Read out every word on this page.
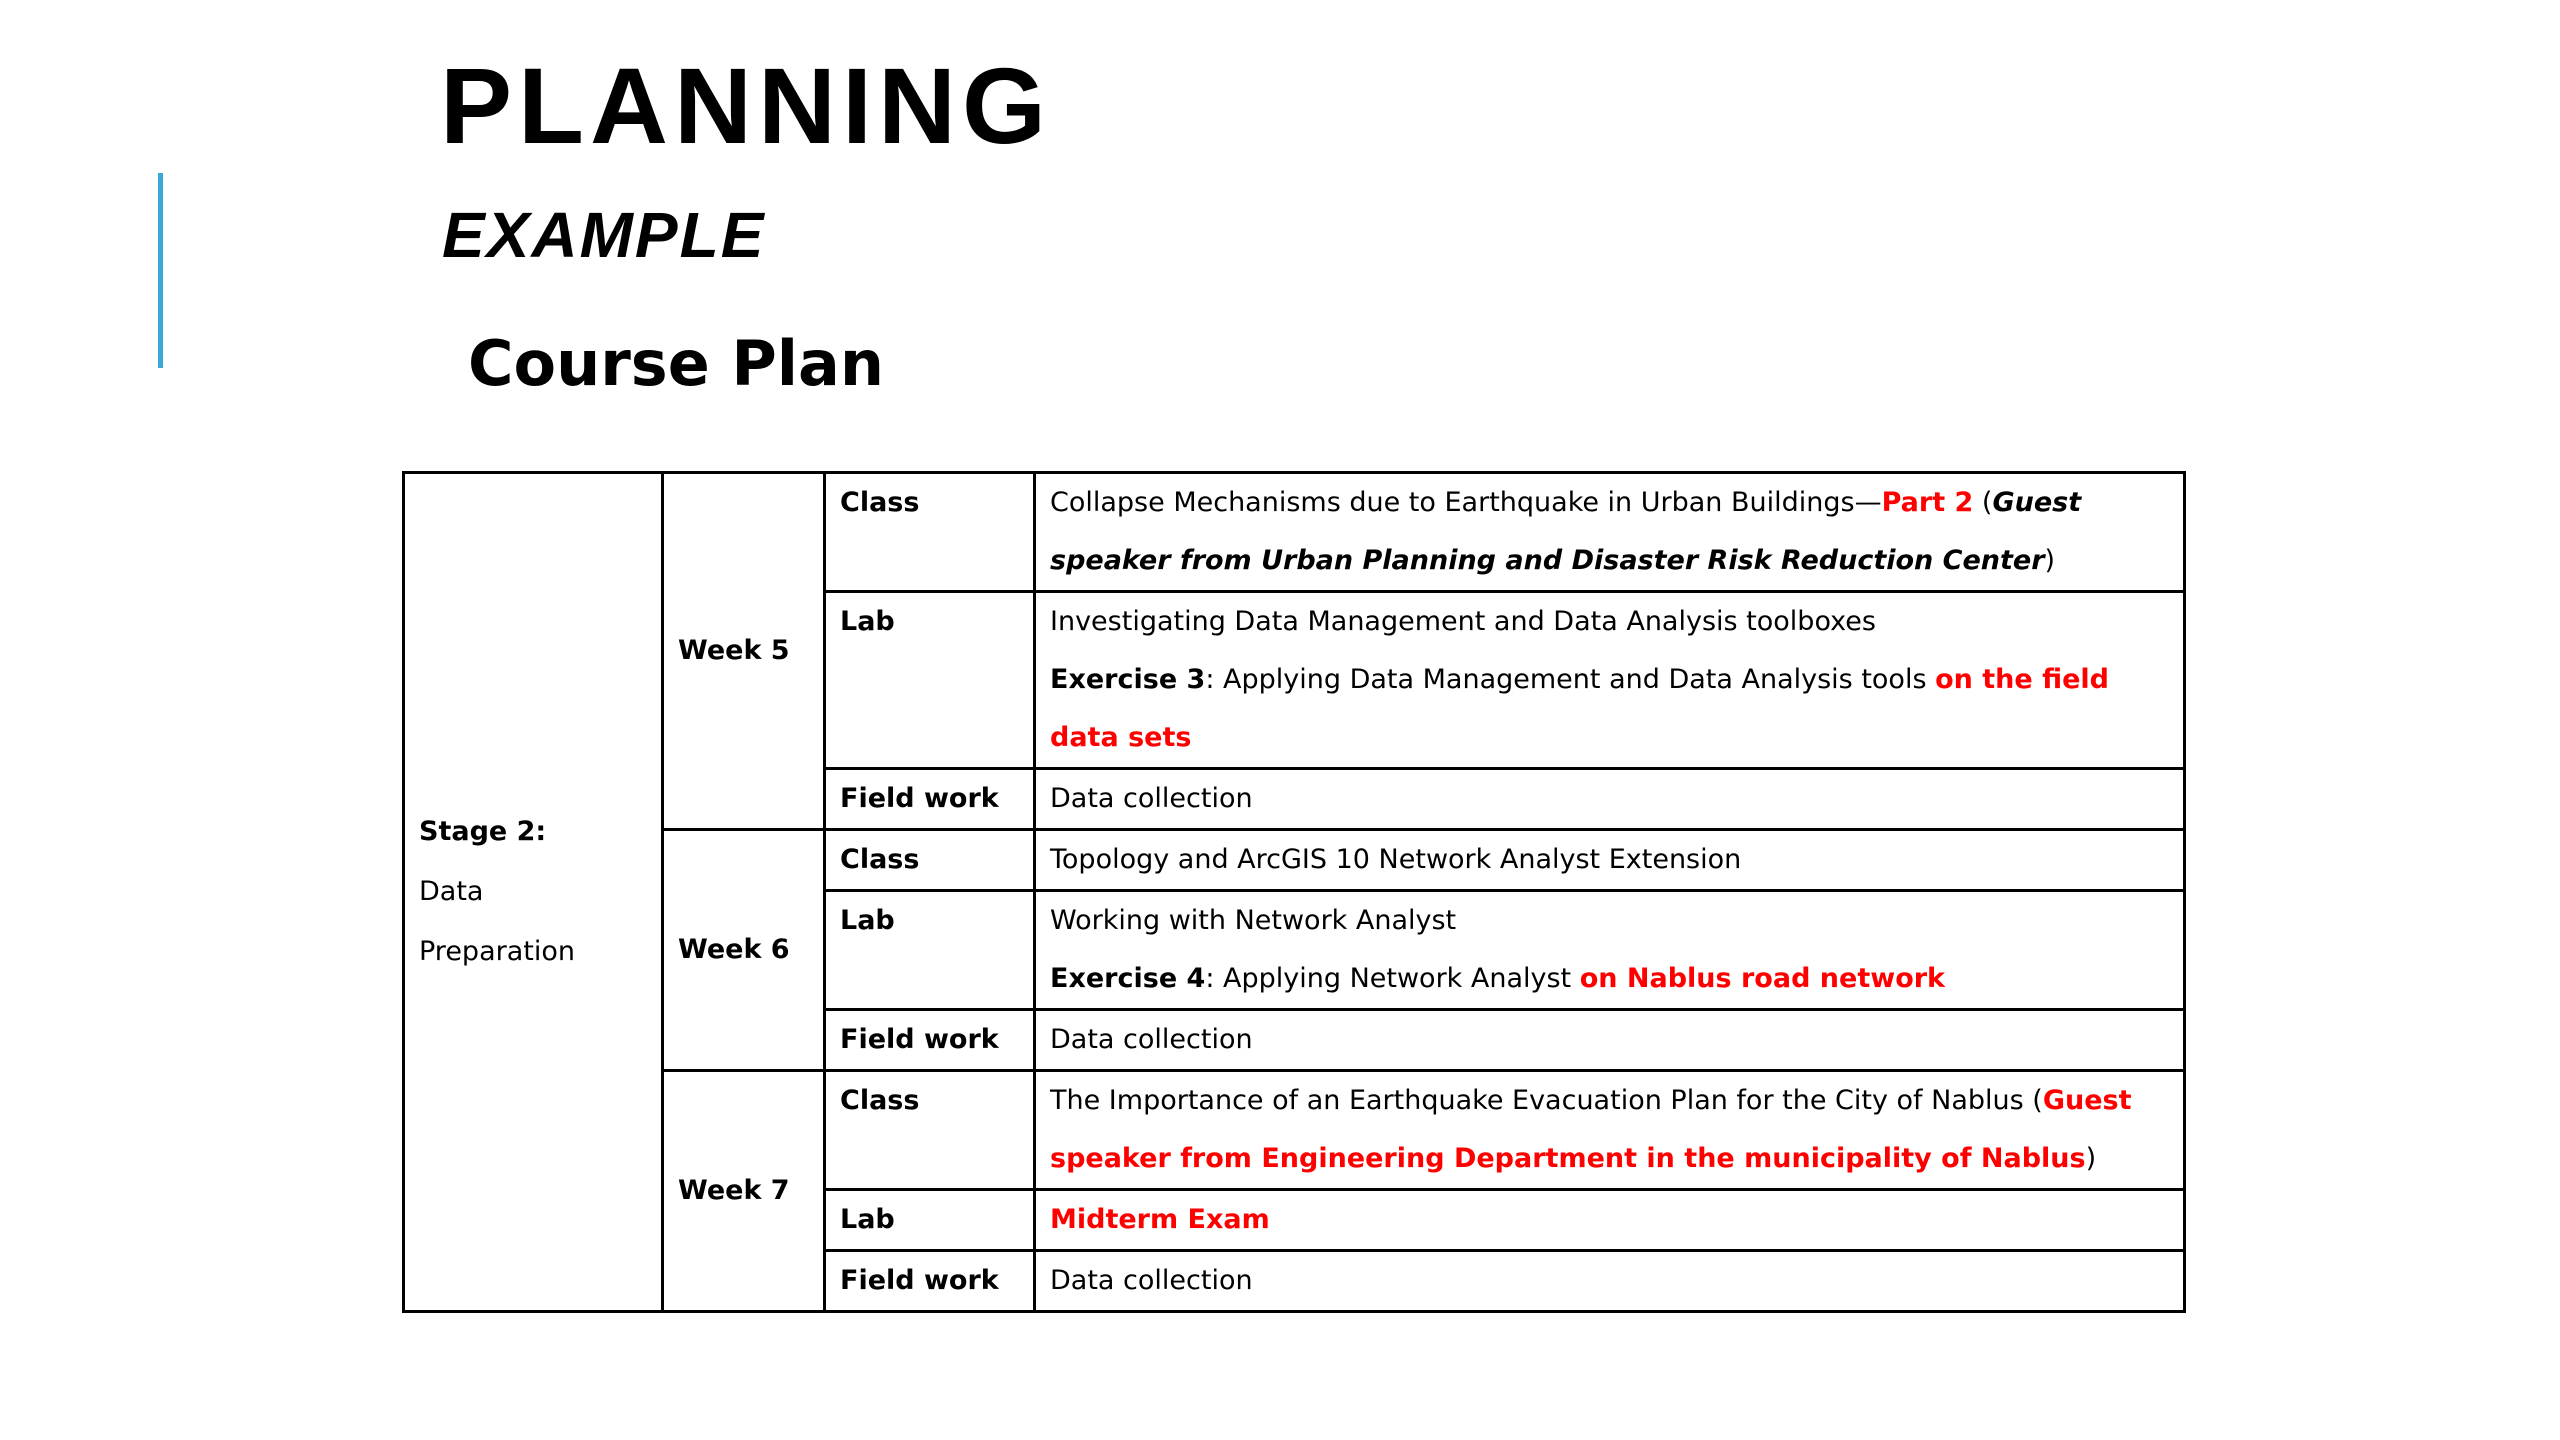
PLANNING
EXAMPLE
Course Plan
Stage 2:
Data Preparation	Week 5	Class	Collapse Mechanisms due to Earthquake in Urban Buildings—Part 2 (Guest speaker from Urban Planning and Disaster Risk Reduction Center)
		Lab	Investigating Data Management and Data Analysis toolboxes
Exercise 3: Applying Data Management and Data Analysis tools on the field data sets

		Field work	Data collection
	Week 6	Class	Topology and ArcGIS 10 Network Analyst Extension
		Lab	Working with Network Analyst
Exercise 4: Applying Network Analyst on Nablus road network

		Field work	Data collection
	Week 7	Class	The Importance of an Earthquake Evacuation Plan for the City of Nablus (Guest speaker from Engineering Department in the municipality of Nablus)
		Lab	Midterm Exam
		Field work	Data collection
